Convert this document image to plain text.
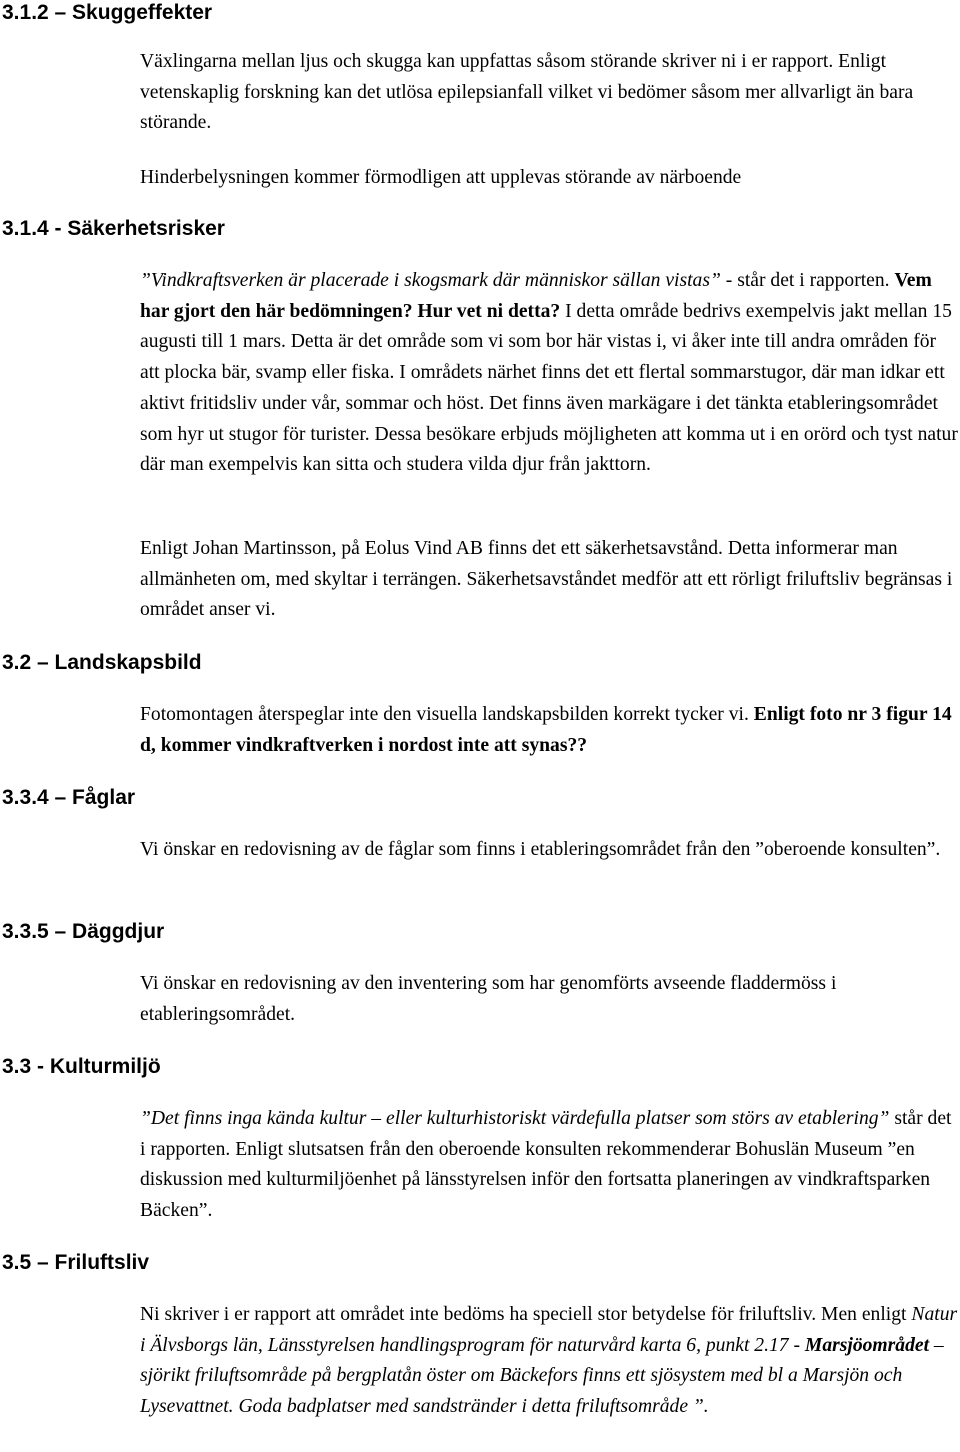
3.1.2 – Skuggeffekter
3.1.4 - Säkerhetsrisker
3.2 – Landskapsbild
3.3.4 – Fåglar
3.3.5 – Däggdjur
3.3 - Kulturmiljö
3.5 – Friluftsliv
Växlingarna mellan ljus och skugga kan uppfattas såsom störande skriver ni i er rapport. Enligt vetenskaplig forskning kan det utlösa epilepsianfall vilket vi bedömer såsom mer allvarligt än bara störande.
Hinderbelysningen kommer förmodligen att upplevas störande av närboende
”Vindkraftsverken är placerade i skogsmark där människor sällan vistas” - står det i rapporten. Vem har gjort den här bedömningen? Hur vet ni detta? I detta område bedrivs exempelvis jakt mellan 15 augusti till 1 mars. Detta är det område som vi som bor här vistas i, vi åker inte till andra områden för att plocka bär, svamp eller fiska. I områdets närhet finns det ett flertal sommarstugor, där man idkar ett aktivt fritidsliv under vår, sommar och höst. Det finns även markägare i det tänkta etableringsområdet som hyr ut stugor för turister. Dessa besökare erbjuds möjligheten att komma ut i en orörd och tyst natur där man exempelvis kan sitta och studera vilda djur från jakttorn.
Enligt Johan Martinsson, på Eolus Vind AB finns det ett säkerhetsavstånd. Detta informerar man allmänheten om, med skyltar i terrängen. Säkerhetsavståndet medför att ett rörligt friluftsliv begränsas i området anser vi.
Fotomontagen återspeglar inte den visuella landskapsbilden korrekt tycker vi. Enligt foto nr 3 figur 14 d, kommer vindkraftverken i nordost inte att synas??
Vi önskar en redovisning av de fåglar som finns i etableringsområdet från den ”oberoende konsulten”.
Vi önskar en redovisning av den inventering som har genomförts avseende fladdermöss i etableringsområdet.
”Det finns inga kända kultur – eller kulturhistoriskt värdefulla platser som störs av etablering” står det i rapporten. Enligt slutsatsen från den oberoende konsulten rekommenderar Bohuslän Museum ”en diskussion med kulturmiljöenhet på länsstyrelsen inför den fortsatta planeringen av vindkraftsparken Bäcken”.
Ni skriver i er rapport att området inte bedöms ha speciell stor betydelse för friluftsliv. Men enligt Natur i Älvsborgs län, Länsstyrelsen handlingsprogram för naturvård karta 6, punkt 2.17 - Marsjöområdet – sjörikt friluftsområde på bergplatån öster om Bäckefors finns ett sjösystem med bl a Marsjön och Lysevattnet. Goda badplatser med sandstränder i detta friluftsområde ”.
